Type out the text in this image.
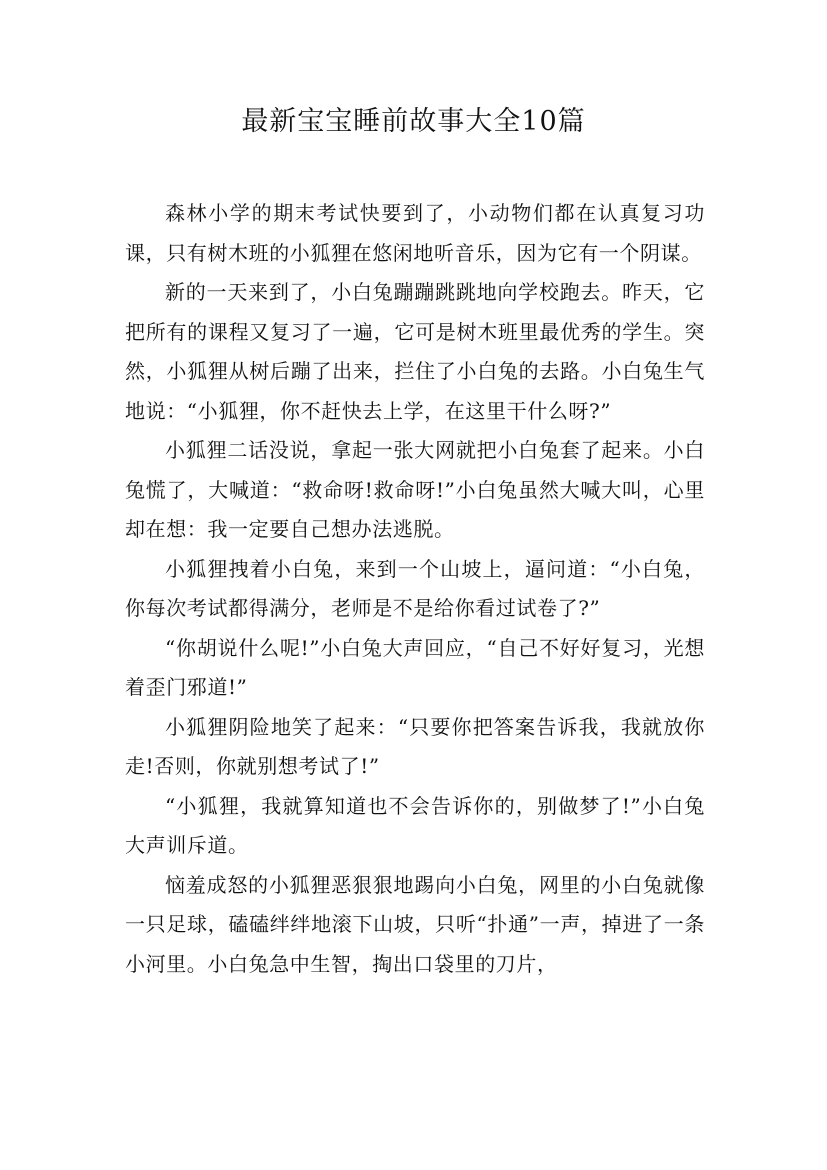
最新宝宝睡前故事大全10篇

森林小学的期末考试快要到了，小动物们都在认真复习功课，只有树木班的小狐狸在悠闲地听音乐，因为它有一个阴谋。

新的一天来到了，小白兔蹦蹦跳跳地向学校跑去。昨天，它把所有的课程又复习了一遍，它可是树木班里最优秀的学生。突然，小狐狸从树后蹦了出来，拦住了小白兔的去路。小白兔生气地说：“小狐狸，你不赶快去上学，在这里干什么呀?”

小狐狸二话没说，拿起一张大网就把小白兔套了起来。小白兔慌了，大喊道：“救命呀!救命呀!”小白兔虽然大喊大叫，心里却在想：我一定要自己想办法逃脱。

小狐狸拽着小白兔，来到一个山坡上，逼问道：“小白兔，你每次考试都得满分，老师是不是给你看过试卷了?”

“你胡说什么呢!”小白兔大声回应，“自己不好好复习，光想着歪门邪道!”

小狐狸阴险地笑了起来：“只要你把答案告诉我，我就放你走!否则，你就别想考试了!”

“小狐狸，我就算知道也不会告诉你的，别做梦了!”小白兔大声训斥道。

恼羞成怒的小狐狸恶狠狠地踢向小白兔，网里的小白兔就像一只足球，磕磕绊绊地滚下山坡，只听“扑通”一声，掉进了一条小河里。小白兔急中生智，掏出口袋里的刀片，
